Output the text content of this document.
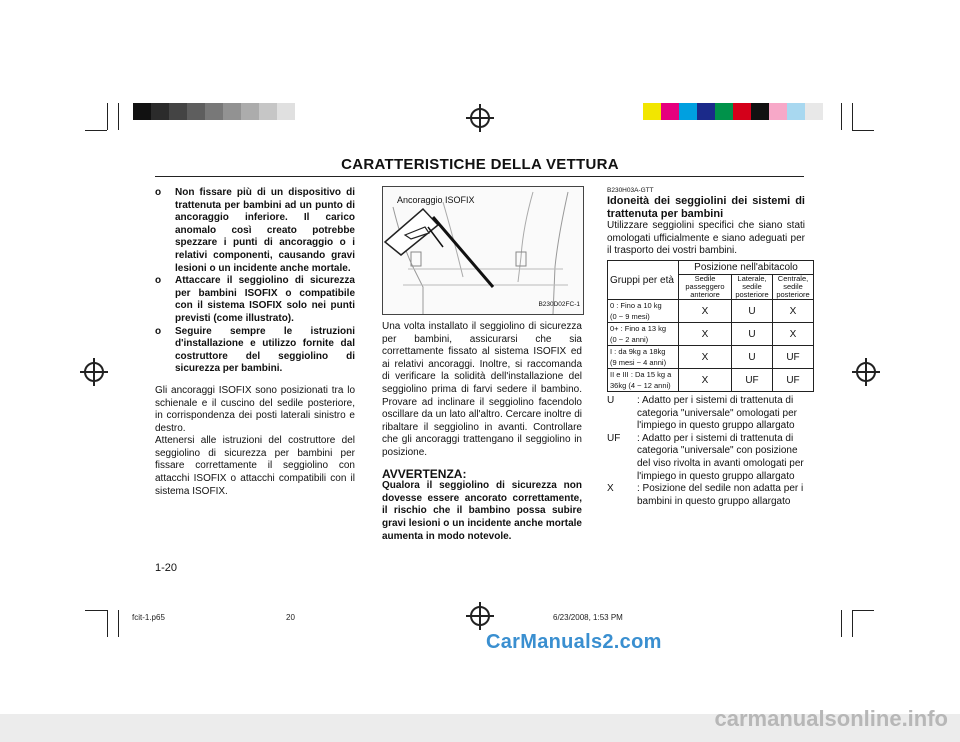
CARATTERISTICHE DELLA VETTURA
o Non fissare più di un dispositivo di trattenuta per bambini ad un punto di ancoraggio inferiore. Il carico anomalo così creato potrebbe spezzare i punti di ancoraggio o i relativi componenti, causando gravi lesioni o un incidente anche mortale.
o Attaccare il seggiolino di sicurezza per bambini ISOFIX o compatibile con il sistema ISOFIX solo nei punti previsti (come illustrato).
o Seguire sempre le istruzioni d'installazione e utilizzo fornite dal costruttore del seggiolino di sicurezza per bambini.

Gli ancoraggi ISOFIX sono posizionati tra lo schienale e il cuscino del sedile posteriore, in corrispondenza dei posti laterali sinistro e destro.

Attenersi alle istruzioni del costruttore del seggiolino di sicurezza per bambini per fissare correttamente il seggiolino con attacchi ISOFIX o attacchi compatibili con il sistema ISOFIX.

Ancoraggio ISOFIX
B230D02FC-1

Una volta installato il seggiolino di sicurezza per bambini, assicurarsi che sia correttamente fissato al sistema ISOFIX ed ai relativi ancoraggi. Inoltre, si raccomanda di verificare la solidità dell'installazione del seggiolino prima di farvi sedere il bambino. Provare ad inclinare il seggiolino facendolo oscillare da un lato all'altro. Cercare inoltre di ribaltare il seggiolino in avanti. Controllare che gli ancoraggi trattengano il seggiolino in posizione.

AVVERTENZA:

Qualora il seggiolino di sicurezza non dovesse essere ancorato correttamente, il rischio che il bambino possa subire gravi lesioni o un incidente anche mortale aumenta in modo notevole.

B230H03A-GTT

Idoneità dei seggiolini dei sistemi di trattenuta per bambini

Utilizzare seggiolini specifici che siano stati omologati ufficialmente e siano adeguati per il trasporto dei vostri bambini.

Gruppi per età	Posizione nell'abitacolo		
	Sedile passeggero anteriore	Laterale, sedile posteriore	Centrale, sedile posteriore

0 : Fino a 10 kg
(0 ~ 9 mesi)	X	U	X

0+ : Fino a 13 kg
(0 ~ 2 anni)	X	U	X

I : da 9kg a 18kg
(9 mesi ~ 4 anni)	X	U	UF

II e III : Da 15 kg a
36kg (4 ~ 12 anni)	X	UF	UF
U : Adatto per i sistemi di trattenuta di categoria "universale" omologati per l'impiego in questo gruppo allargato
UF : Adatto per i sistemi di trattenuta di categoria "universale" con posizione del viso rivolta in avanti omologati per l'impiego in questo gruppo allargato
X : Posizione del sedile non adatta per i bambini in questo gruppo allargato
1-20
fcit-1.p65	20	6/23/2008, 1:53 PM
CarManuals2.com
carmanualsonline.info
